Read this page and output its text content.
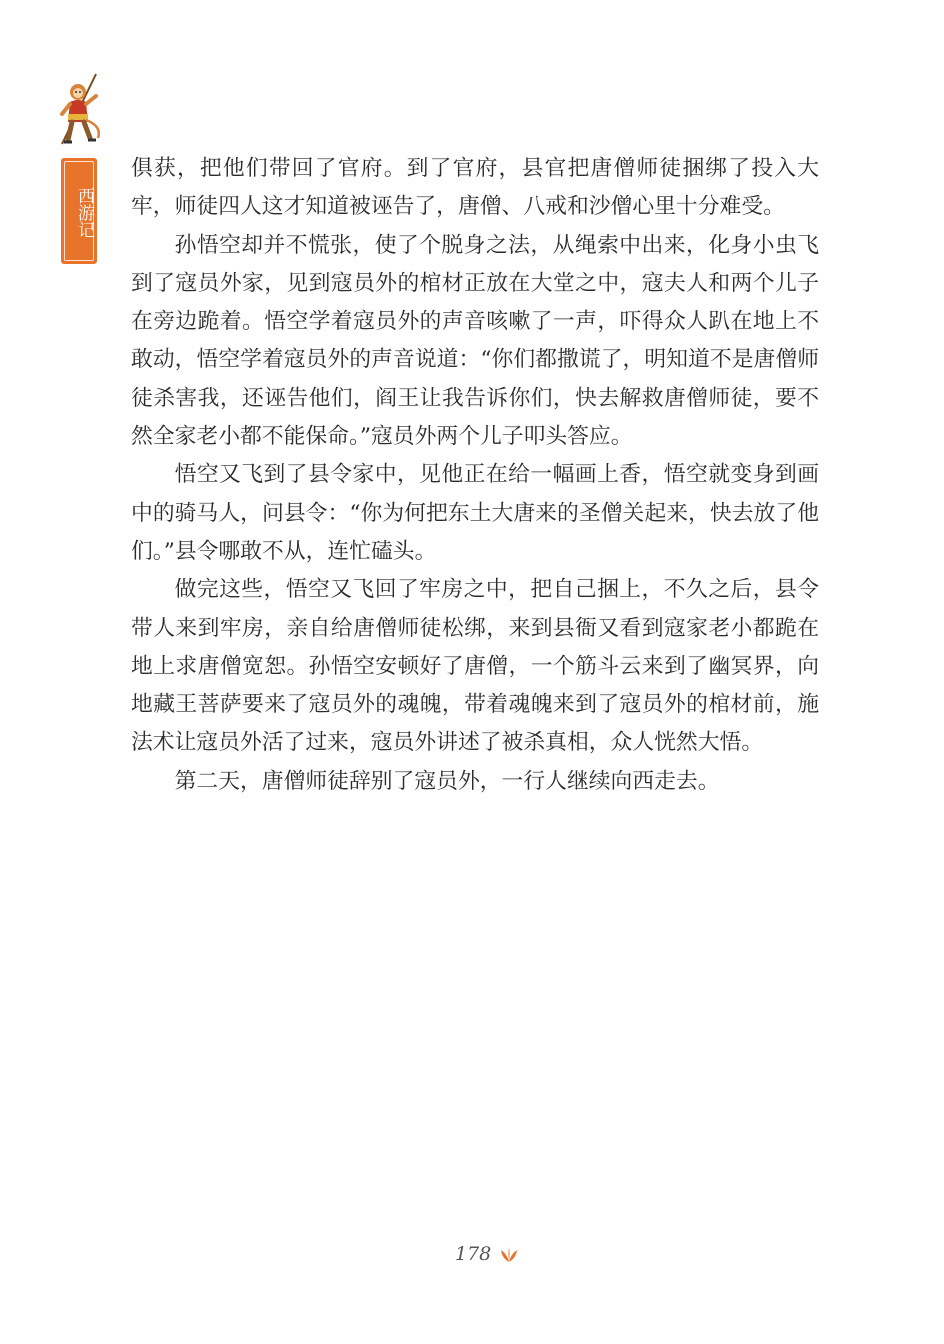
西游记

俱获，把他们带回了官府。到了官府，县官把唐僧师徒捆绑了投入大牢，师徒四人这才知道被诬告了，唐僧、八戒和沙僧心里十分难受。

孙悟空却并不慌张，使了个脱身之法，从绳索中出来，化身小虫飞到了寇员外家，见到寇员外的棺材正放在大堂之中，寇夫人和两个儿子在旁边跪着。悟空学着寇员外的声音咳嗽了一声，吓得众人趴在地上不敢动，悟空学着寇员外的声音说道：“你们都撒谎了，明知道不是唐僧师徒杀害我，还诬告他们，阎王让我告诉你们，快去解救唐僧师徒，要不然全家老小都不能保命。”寇员外两个儿子叩头答应。

悟空又飞到了县令家中，见他正在给一幅画上香，悟空就变身到画中的骑马人，问县令：“你为何把东土大唐来的圣僧关起来，快去放了他们。”县令哪敢不从，连忙磕头。

做完这些，悟空又飞回了牢房之中，把自己捆上，不久之后，县令带人来到牢房，亲自给唐僧师徒松绑，来到县衙又看到寇家老小都跪在地上求唐僧宽恕。孙悟空安顿好了唐僧，一个筋斗云来到了幽冥界，向地藏王菩萨要来了寇员外的魂魄，带着魂魄来到了寇员外的棺材前，施法术让寇员外活了过来，寇员外讲述了被杀真相，众人恍然大悟。

第二天，唐僧师徒辞别了寇员外，一行人继续向西走去。

178
